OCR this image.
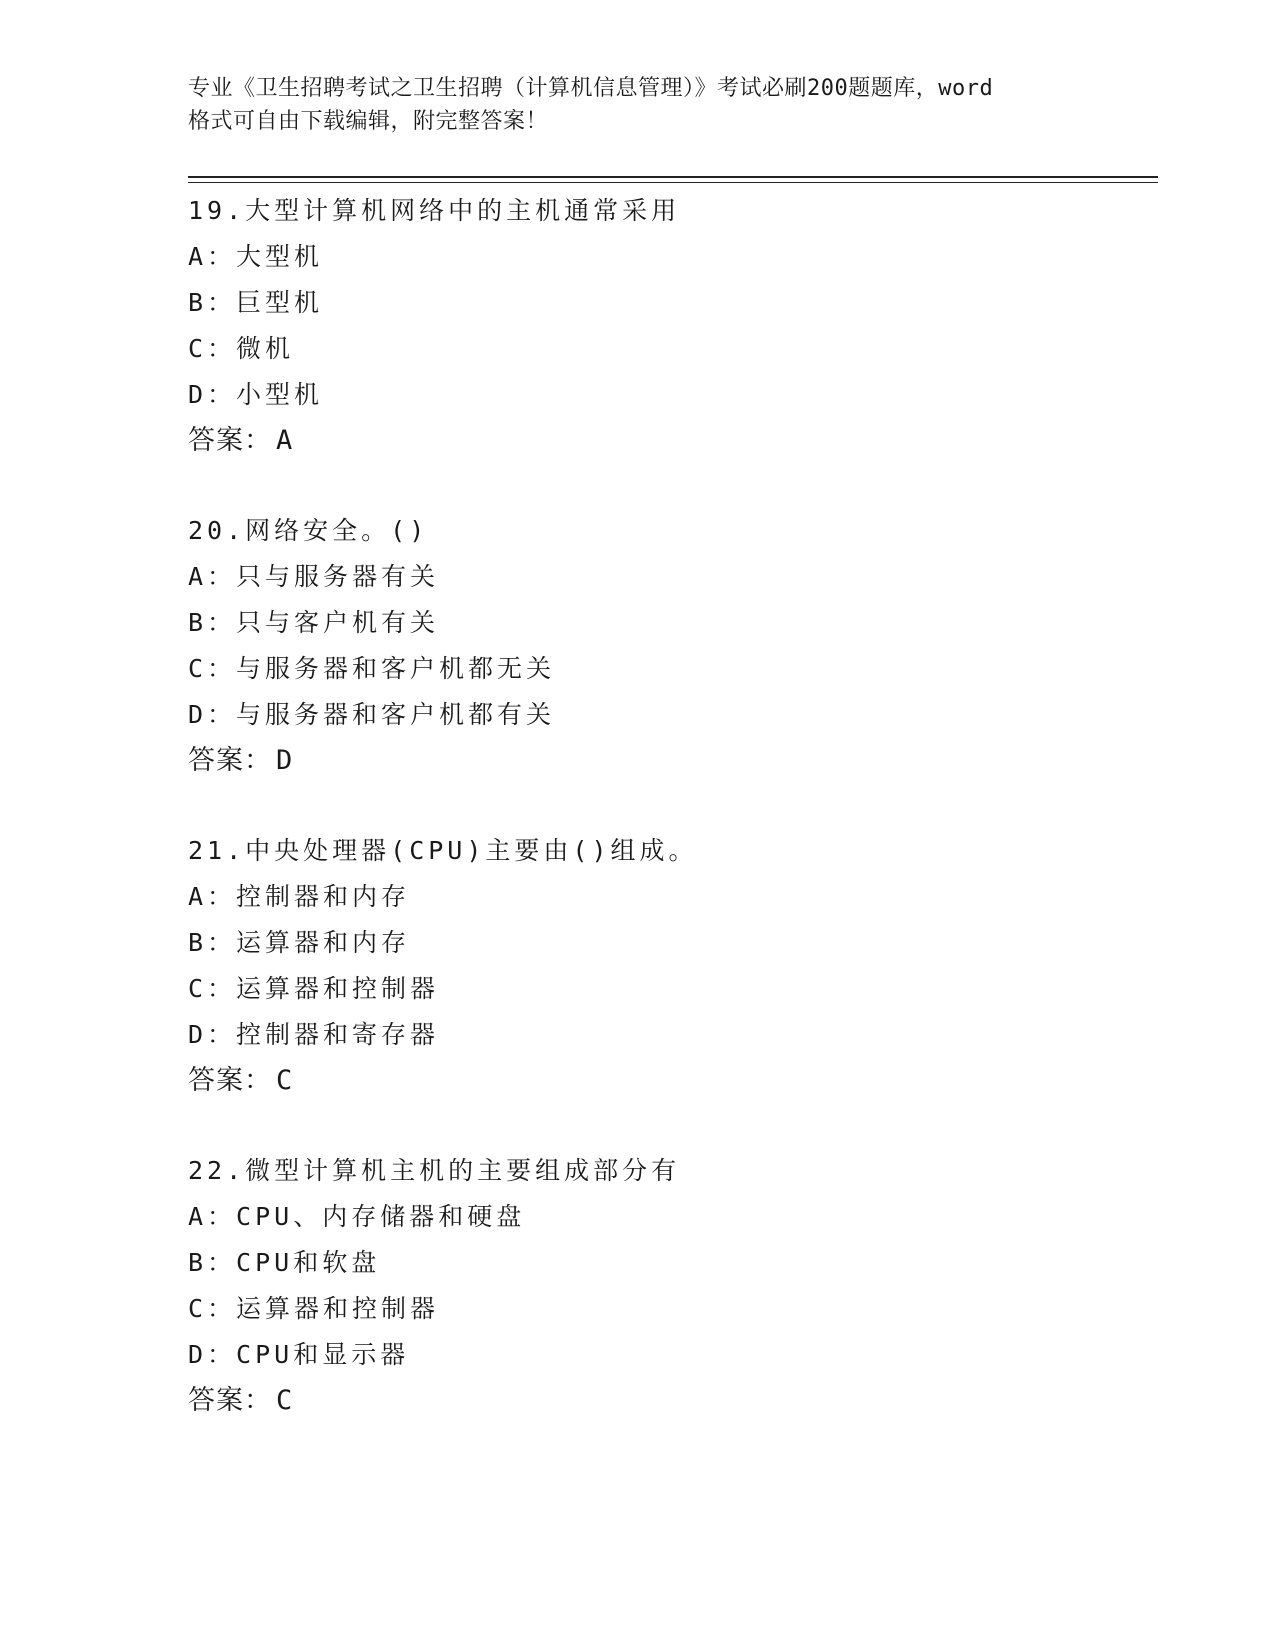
专业《卫生招聘考试之卫生招聘（计算机信息管理）》考试必刷200题题库，word
格式可自由下载编辑，附完整答案！
19.大型计算机网络中的主机通常采用
A：大型机
B：巨型机
C：微机
D：小型机
答案： A
20.网络安全。()
A：只与服务器有关
B：只与客户机有关
C：与服务器和客户机都无关
D：与服务器和客户机都有关
答案： D
21.中央处理器(CPU)主要由()组成。
A：控制器和内存
B：运算器和内存
C：运算器和控制器
D：控制器和寄存器
答案： C
22.微型计算机主机的主要组成部分有
A：CPU、内存储器和硬盘
B：CPU和软盘
C：运算器和控制器
D：CPU和显示器
答案： C
